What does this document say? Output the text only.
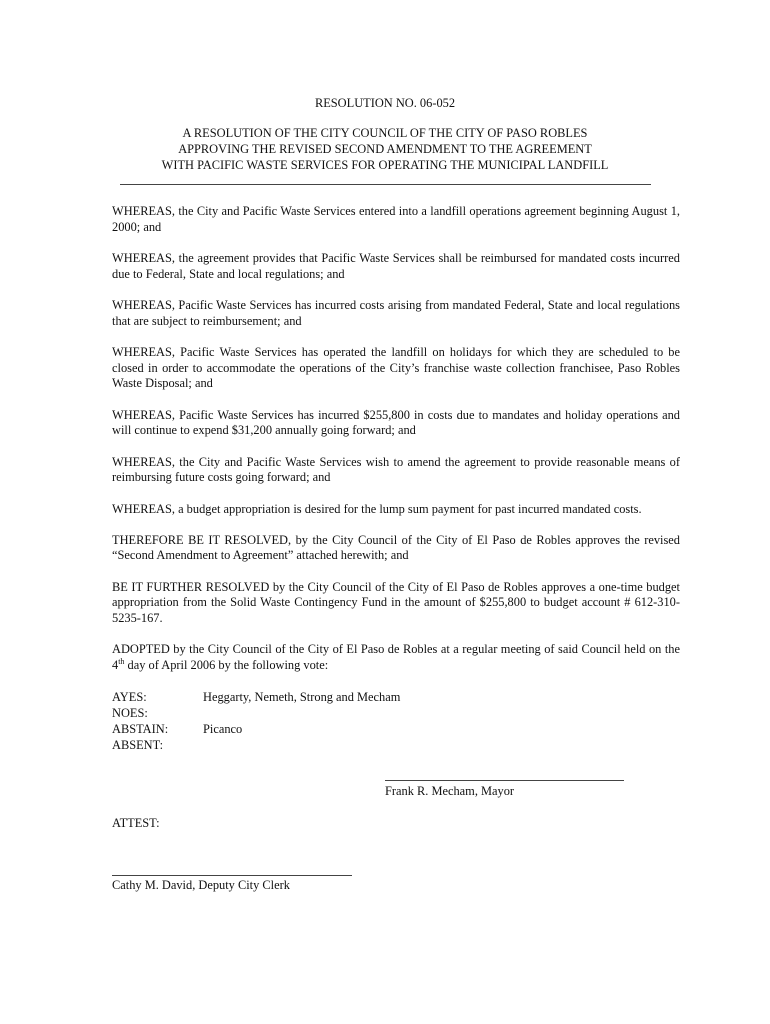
RESOLUTION NO. 06-052
A RESOLUTION OF THE CITY COUNCIL OF THE CITY OF PASO ROBLES
APPROVING THE REVISED SECOND AMENDMENT TO THE AGREEMENT
WITH PACIFIC WASTE SERVICES FOR OPERATING THE MUNICIPAL LANDFILL

WHEREAS, the City and Pacific Waste Services entered into a landfill operations agreement beginning August 1, 2000; and

WHEREAS, the agreement provides that Pacific Waste Services shall be reimbursed for mandated costs incurred due to Federal, State and local regulations; and

WHEREAS, Pacific Waste Services has incurred costs arising from mandated Federal, State and local regulations that are subject to reimbursement; and

WHEREAS, Pacific Waste Services has operated the landfill on holidays for which they are scheduled to be closed in order to accommodate the operations of the City’s franchise waste collection franchisee, Paso Robles Waste Disposal; and

WHEREAS, Pacific Waste Services has incurred $255,800 in costs due to mandates and holiday operations and will continue to expend $31,200 annually going forward; and

WHEREAS, the City and Pacific Waste Services wish to amend the agreement to provide reasonable means of reimbursing future costs going forward; and

WHEREAS, a budget appropriation is desired for the lump sum payment for past incurred mandated costs.

THEREFORE BE IT RESOLVED, by the City Council of the City of El Paso de Robles approves the revised “Second Amendment to Agreement” attached herewith; and

BE IT FURTHER RESOLVED by the City Council of the City of El Paso de Robles approves a one-time budget appropriation from the Solid Waste Contingency Fund in the amount of $255,800 to budget account # 612-310-5235-167.

ADOPTED by the City Council of the City of El Paso de Robles at a regular meeting of said Council held on the 4th day of April 2006 by the following vote:

AYES:	Heggarty, Nemeth, Strong and Mecham
NOES:
ABSTAIN:	Picanco
ABSENT:
Frank R. Mecham, Mayor
ATTEST:
Cathy M. David, Deputy City Clerk
